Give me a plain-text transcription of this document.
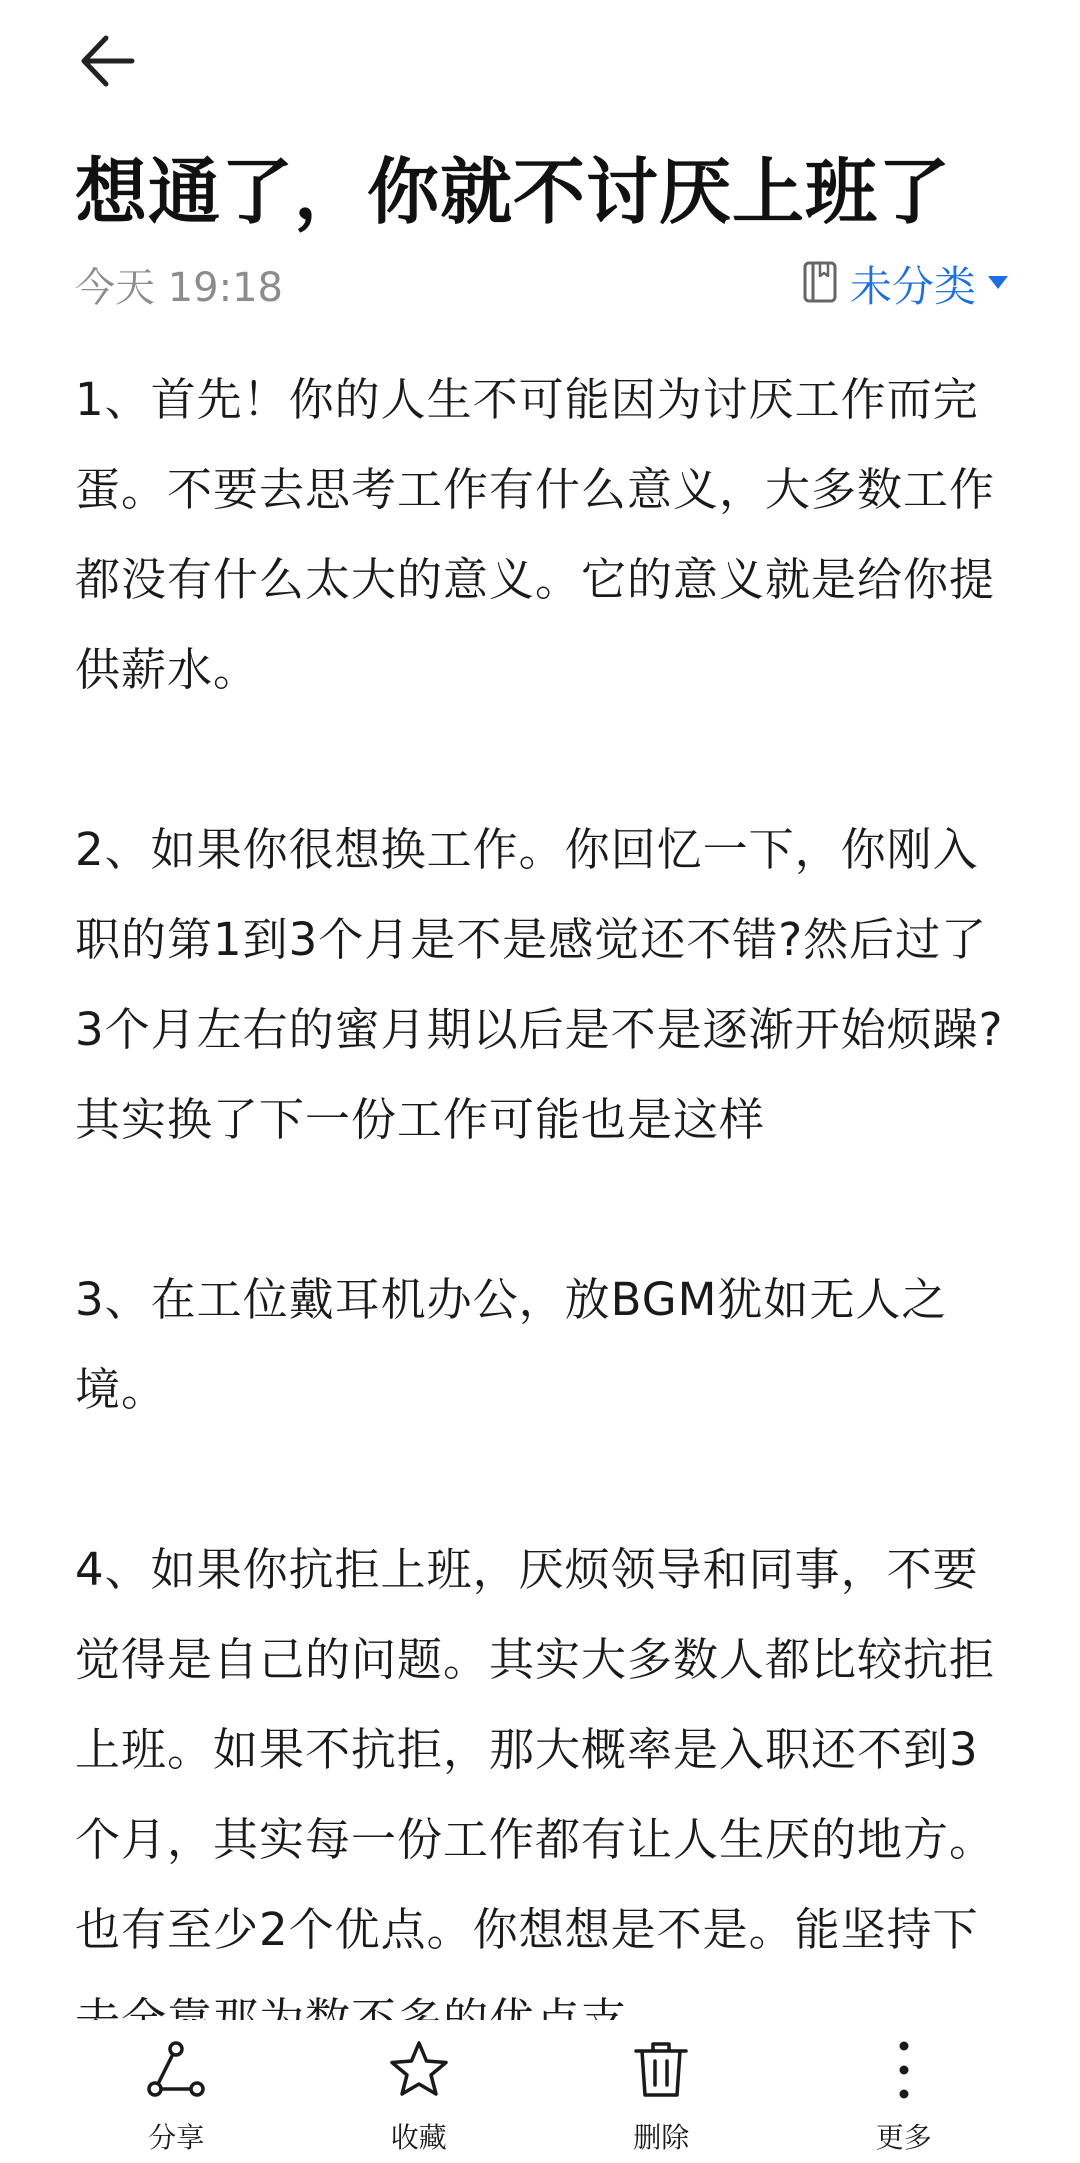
想通了，你就不讨厌上班了
今天 19:18	未分类

1、首先！你的人生不可能因为讨厌工作而完蛋。不要去思考工作有什么意义，大多数工作都没有什么太大的意义。它的意义就是给你提供薪水。

2、如果你很想换工作。你回忆一下，你刚入职的第1到3个月是不是感觉还不错?然后过了3个月左右的蜜月期以后是不是逐渐开始烦躁?其实换了下一份工作可能也是这样

3、在工位戴耳机办公，放BGM犹如无人之境。

4、如果你抗拒上班，厌烦领导和同事，不要觉得是自己的问题。其实大多数人都比较抗拒上班。如果不抗拒，那大概率是入职还不到3个月，其实每一份工作都有让人生厌的地方。也有至少2个优点。你想想是不是。能坚持下

分享	收藏	删除	更多
